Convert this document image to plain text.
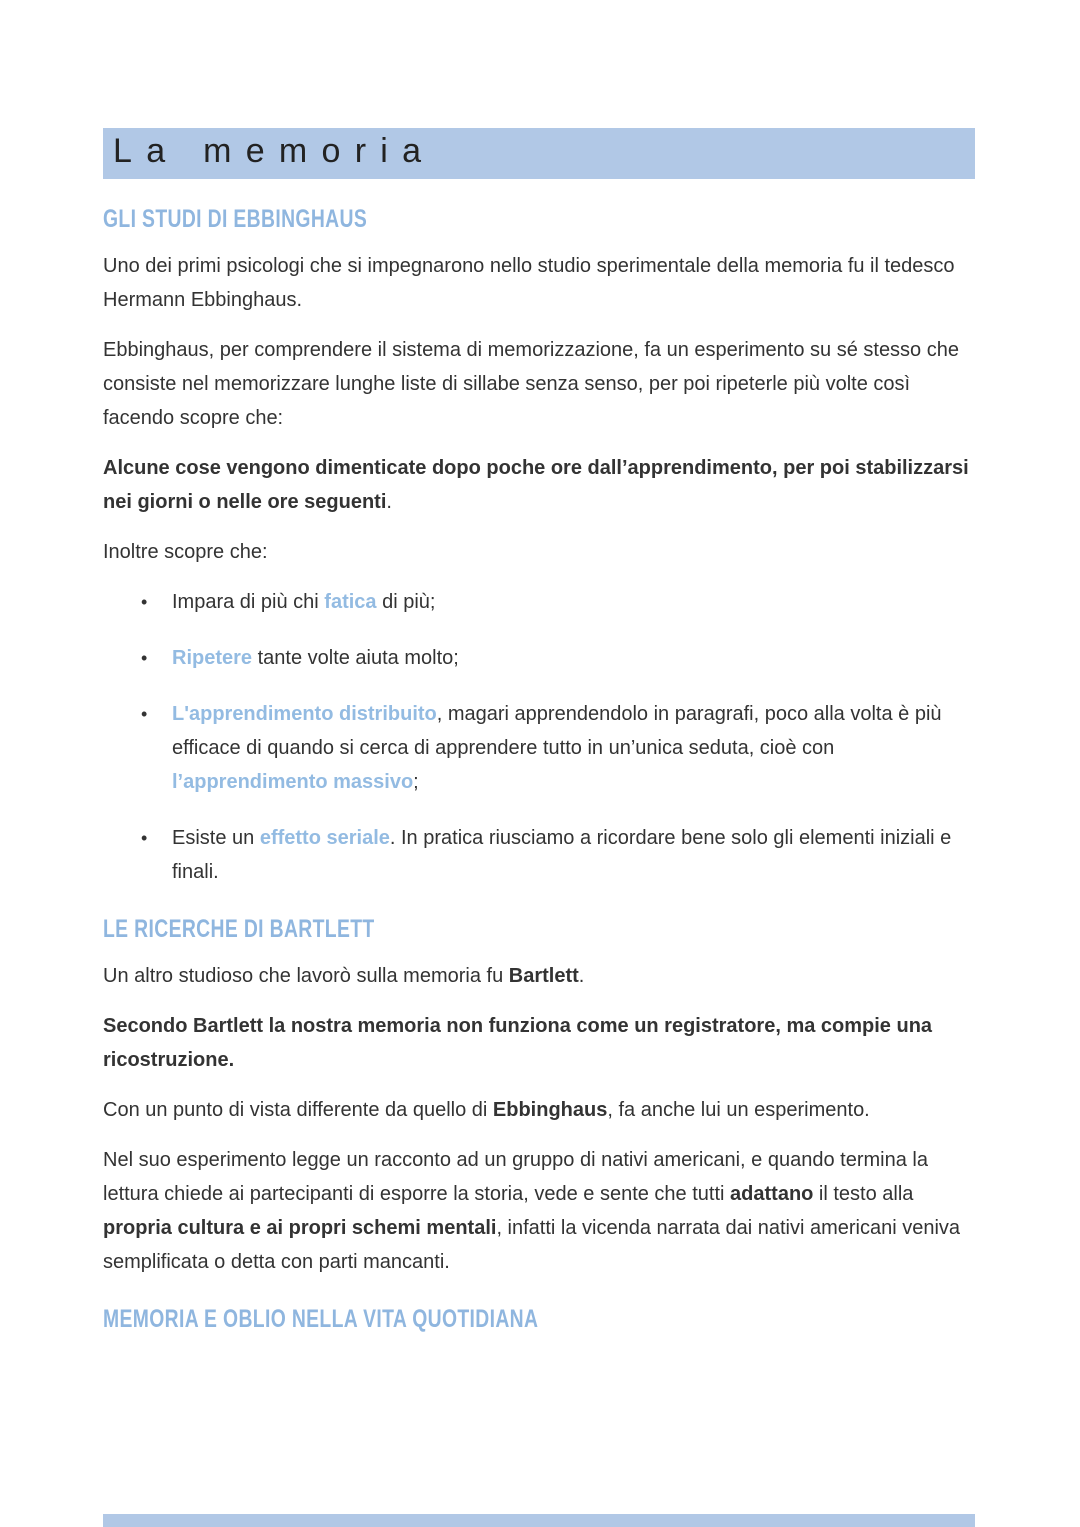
La memoria
GLI STUDI DI EBBINGHAUS

Uno dei primi psicologi che si impegnarono nello studio sperimentale della memoria fu il tedesco Hermann Ebbinghaus.

Ebbinghaus, per comprendere il sistema di memorizzazione, fa un esperimento su sé stesso che consiste nel memorizzare lunghe liste di sillabe senza senso, per poi ripeterle più volte così facendo scopre che:

Alcune cose vengono dimenticate dopo poche ore dall’apprendimento, per poi stabilizzarsi nei giorni o nelle ore seguenti.

Inoltre scopre che:

• Impara di più chi fatica di più;
• Ripetere tante volte aiuta molto;
• L'apprendimento distribuito, magari apprendendolo in paragrafi, poco alla volta è più efficace di quando si cerca di apprendere tutto in un’unica seduta, cioè con l’apprendimento massivo;
• Esiste un effetto seriale. In pratica riusciamo a ricordare bene solo gli elementi iniziali e finali.
LE RICERCHE DI BARTLETT

Un altro studioso che lavorò sulla memoria fu Bartlett.

Secondo Bartlett la nostra memoria non funziona come un registratore, ma compie una ricostruzione.

Con un punto di vista differente da quello di Ebbinghaus, fa anche lui un esperimento.

Nel suo esperimento legge un racconto ad un gruppo di nativi americani, e quando termina la lettura chiede ai partecipanti di esporre la storia, vede e sente che tutti adattano il testo alla propria cultura e ai propri schemi mentali, infatti la vicenda narrata dai nativi americani veniva semplificata o detta con parti mancanti.

MEMORIA E OBLIO NELLA VITA QUOTIDIANA
